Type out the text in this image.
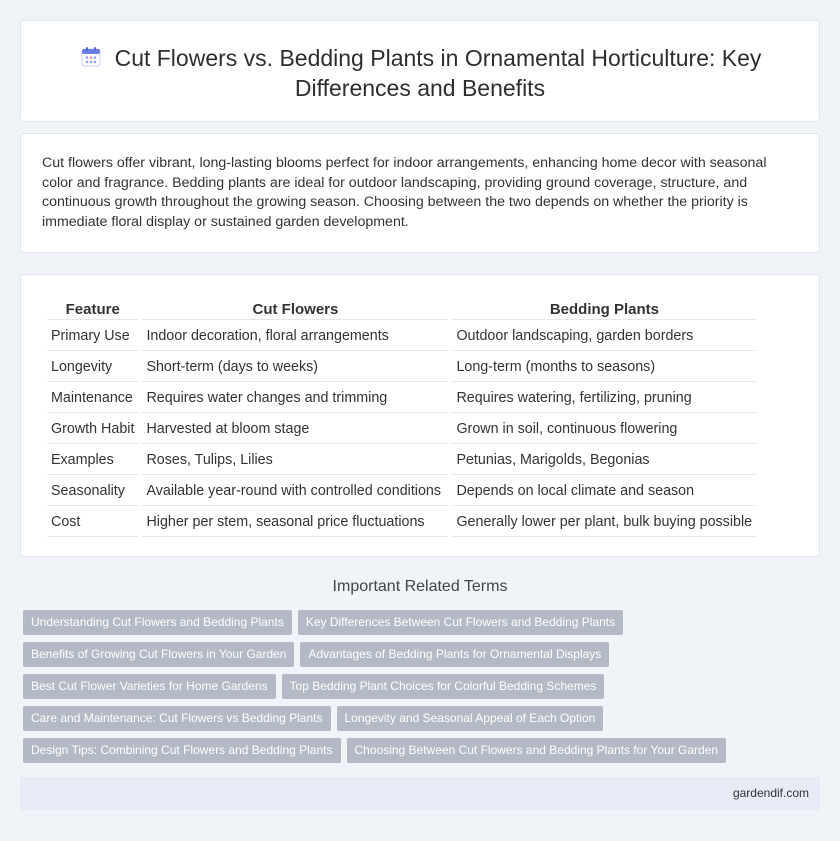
Cut Flowers vs. Bedding Plants in Ornamental Horticulture: Key Differences and Benefits

Cut flowers offer vibrant, long-lasting blooms perfect for indoor arrangements, enhancing home decor with seasonal color and fragrance. Bedding plants are ideal for outdoor landscaping, providing ground coverage, structure, and continuous growth throughout the growing season. Choosing between the two depends on whether the priority is immediate floral display or sustained garden development.

Feature	Cut Flowers	Bedding Plants
Primary Use	Indoor decoration, floral arrangements	Outdoor landscaping, garden borders
Longevity	Short-term (days to weeks)	Long-term (months to seasons)
Maintenance	Requires water changes and trimming	Requires watering, fertilizing, pruning
Growth Habit	Harvested at bloom stage	Grown in soil, continuous flowering
Examples	Roses, Tulips, Lilies	Petunias, Marigolds, Begonias
Seasonality	Available year-round with controlled conditions	Depends on local climate and season
Cost	Higher per stem, seasonal price fluctuations	Generally lower per plant, bulk buying possible
Important Related Terms
Understanding Cut Flowers and Bedding Plants Key Differences Between Cut Flowers and Bedding Plants
Benefits of Growing Cut Flowers in Your Garden Advantages of Bedding Plants for Ornamental Displays
Best Cut Flower Varieties for Home Gardens Top Bedding Plant Choices for Colorful Bedding Schemes
Care and Maintenance: Cut Flowers vs Bedding Plants Longevity and Seasonal Appeal of Each Option
Design Tips: Combining Cut Flowers and Bedding Plants Choosing Between Cut Flowers and Bedding Plants for Your Garden
gardendif.com
